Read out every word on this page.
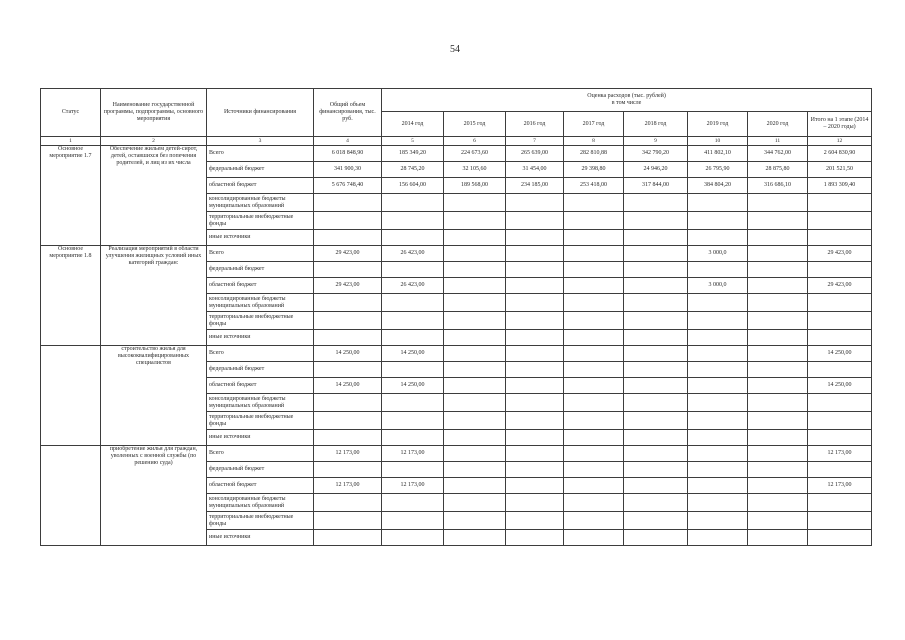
54
Статус	Наименование государственной программы, подпрограммы, основного мероприятия	Источники финансирования	Общий объем финансирования, тыс. руб.	Оценка расходов (тыс. рублей)
в том числе							

				2014 год	2015 год	2016 год	2017 год	2018 год	2019 год	2020 год	Итого на 1 этапе (2014 – 2020 годы)
1	2	3	4	5	6	7	8	9	10	11	12
Основное мероприятие 1.7	Обеспечение жильем детей-сирот, детей, оставшихся без попечения родителей, и лиц из их числа	Всего	6 018 848,90	185 349,20	224 673,60	265 639,00	282 810,88	342 790,20	411 802,10	344 762,00	2 604 830,90
		федеральный бюджет	341 900,30	28 745,20	32 105,60	31 454,00	29 398,80	24 946,20	26 795,90	28 875,80	201 521,50
		областной бюджет	5 676 748,40	156 604,00	189 568,00	234 185,00	253 418,00	317 844,00	384 804,20	316 686,10	1 893 309,40
		консолидированные бюджеты муниципальных образований									
		территориальные внебюджетные фонды									
		иные источники									
Основное мероприятие 1.8	Реализация мероприятий в области улучшения жилищных условий иных категорий граждан:	Всего	29 423,00	26 423,00					3 000,0		29 423,00
		федеральный бюджет									
		областной бюджет	29 423,00	26 423,00					3 000,0		29 423,00
		консолидированные бюджеты муниципальных образований									
		территориальные внебюджетные фонды									
		иные источники									
	строительство жилья для высококвалифицированных специалистов	Всего	14 250,00	14 250,00							14 250,00
		федеральный бюджет									
		областной бюджет	14 250,00	14 250,00							14 250,00
		консолидированные бюджеты муниципальных образований									
		территориальные внебюджетные фонды									
		иные источники									
	приобретение жилья для граждан, уволенных с военной службы (по решению суда)	Всего	12 173,00	12 173,00							12 173,00
		федеральный бюджет									
		областной бюджет	12 173,00	12 173,00							12 173,00
		консолидированные бюджеты муниципальных образований									
		территориальные внебюджетные фонды									
		иные источники									
